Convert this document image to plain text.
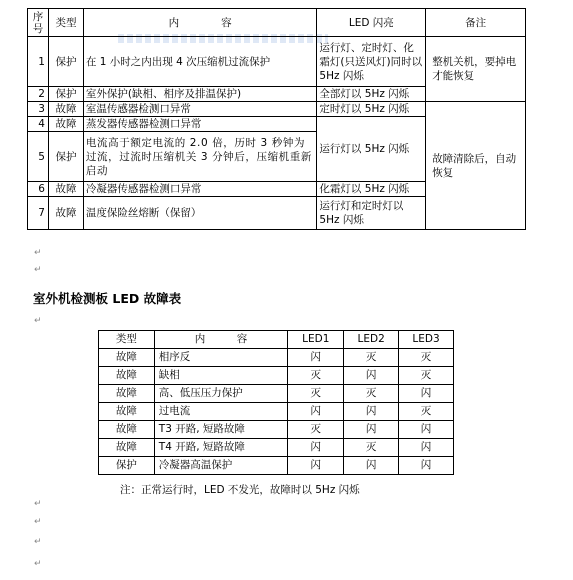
序号	类型	内　　　　容	LED 闪亮	备注
1	保护	在 1 小时之内出现 4 次压缩机过流保护	运行灯、定时灯、化霜灯(只送风灯)同时以 5Hz 闪烁	整机关机，要掉电才能恢复
2	保护	室外保护(缺相、相序及排温保护)	全部灯以 5Hz 闪烁	
3	故障	室温传感器检测口异常	定时灯以 5Hz 闪烁	故障清除后，自动 恢复
4	故障	蒸发器传感器检测口异常	运行灯以 5Hz 闪烁	
5	保护	电流高于额定电流的 2.0 倍，历时 3 秒钟为过流，过流时压缩机关 3 分钟后，压缩机重新启动		
6	故障	冷凝器传感器检测口异常	化霜灯以 5Hz 闪烁	
7	故障	温度保险丝熔断（保留）	运行灯和定时灯以 5Hz 闪烁	
↵
↵
室外机检测板 LED 故障表
↵
类型	内　　　容	LED1	LED2	LED3
故障	相序反	闪	灭	灭
故障	缺相	灭	闪	灭
故障	高、低压压力保护	灭	灭	闪
故障	过电流	闪	闪	灭
故障	T3 开路, 短路故障	灭	闪	闪
故障	T4 开路, 短路故障	闪	灭	闪
保护	冷凝器高温保护	闪	闪	闪
注：正常运行时，LED 不发光，故障时以 5Hz 闪烁
↵
↵
↵
↵
